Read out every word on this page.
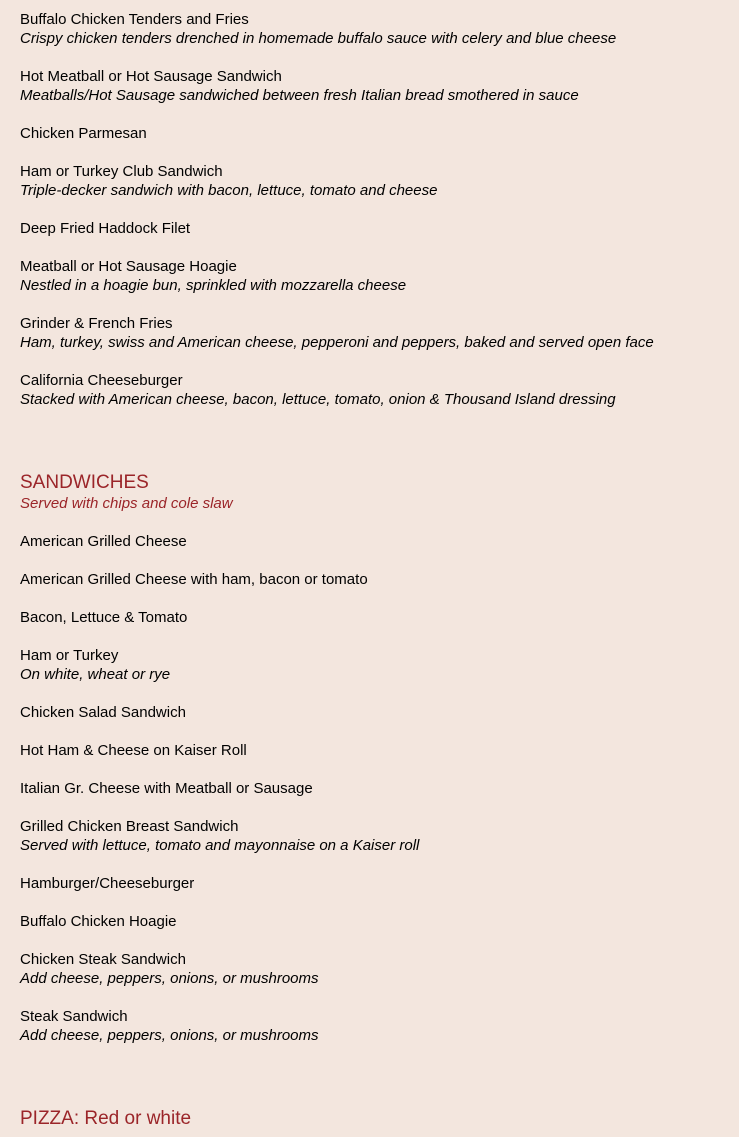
Buffalo Chicken Tenders and Fries
Crispy chicken tenders drenched in homemade buffalo sauce with celery and blue cheese
Hot Meatball or Hot Sausage Sandwich
Meatballs/Hot Sausage sandwiched between fresh Italian bread smothered in sauce
Chicken Parmesan
Ham or Turkey Club Sandwich
Triple-decker sandwich with bacon, lettuce, tomato and cheese
Deep Fried Haddock Filet
Meatball or Hot Sausage Hoagie
Nestled in a hoagie bun, sprinkled with mozzarella cheese
Grinder & French Fries
Ham, turkey, swiss and American cheese, pepperoni and peppers, baked and served open face
California Cheeseburger
Stacked with American cheese, bacon, lettuce, tomato, onion & Thousand Island dressing
SANDWICHES
Served with chips and cole slaw
American Grilled Cheese
American Grilled Cheese with ham, bacon or tomato
Bacon, Lettuce & Tomato
Ham or Turkey
On white, wheat or rye
Chicken Salad Sandwich
Hot Ham & Cheese on Kaiser Roll
Italian Gr. Cheese with Meatball or Sausage
Grilled Chicken Breast Sandwich
Served with lettuce, tomato and mayonnaise on a Kaiser roll
Hamburger/Cheeseburger
Buffalo Chicken Hoagie
Chicken Steak Sandwich
Add cheese, peppers, onions, or mushrooms
Steak Sandwich
Add cheese, peppers, onions, or mushrooms
PIZZA: Red or white
